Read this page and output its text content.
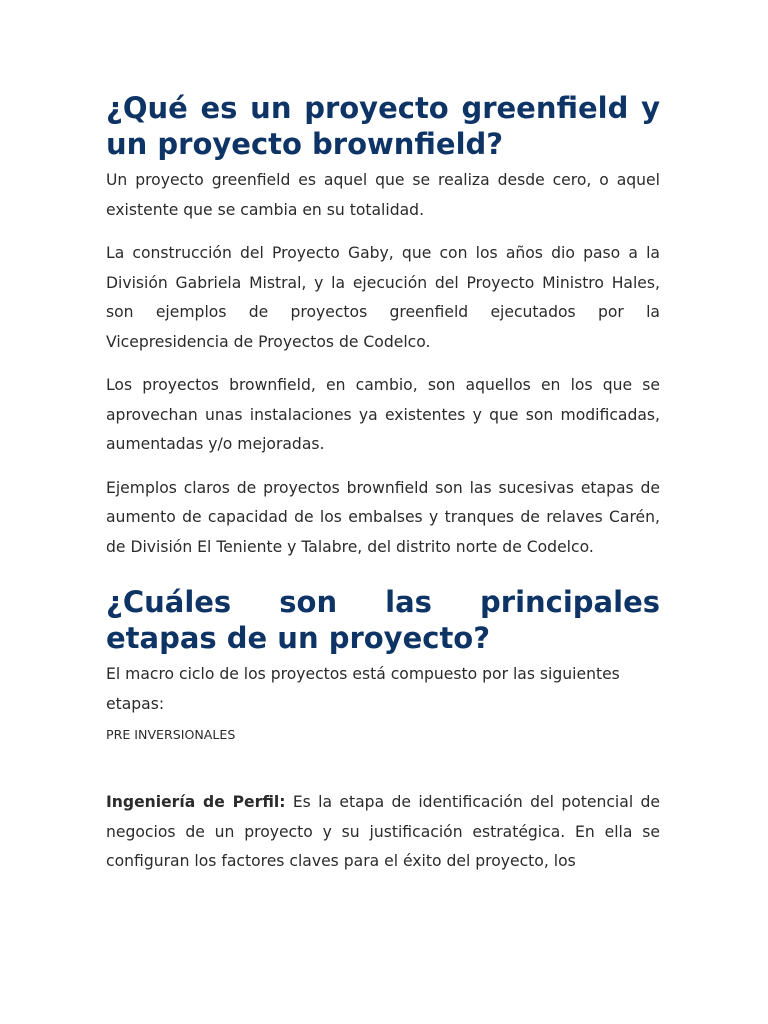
¿Qué es un proyecto greenfield y un proyecto brownfield?

Un proyecto greenfield es aquel que se realiza desde cero, o aquel existente que se cambia en su totalidad.

La construcción del Proyecto Gaby, que con los años dio paso a la División Gabriela Mistral, y la ejecución del Proyecto Ministro Hales, son ejemplos de proyectos greenfield ejecutados por la Vicepresidencia de Proyectos de Codelco.

Los proyectos brownfield, en cambio, son aquellos en los que se aprovechan unas instalaciones ya existentes y que son modificadas, aumentadas y/o mejoradas.

Ejemplos claros de proyectos brownfield son las sucesivas etapas de aumento de capacidad de los embalses y tranques de relaves Carén, de División El Teniente y Talabre, del distrito norte de Codelco.

¿Cuáles son las principales etapas de un proyecto?

El macro ciclo de los proyectos está compuesto por las siguientes etapas:

PRE INVERSIONALES

Ingeniería de Perfil: Es la etapa de identificación del potencial de negocios de un proyecto y su justificación estratégica. En ella se configuran los factores claves para el éxito del proyecto, los
